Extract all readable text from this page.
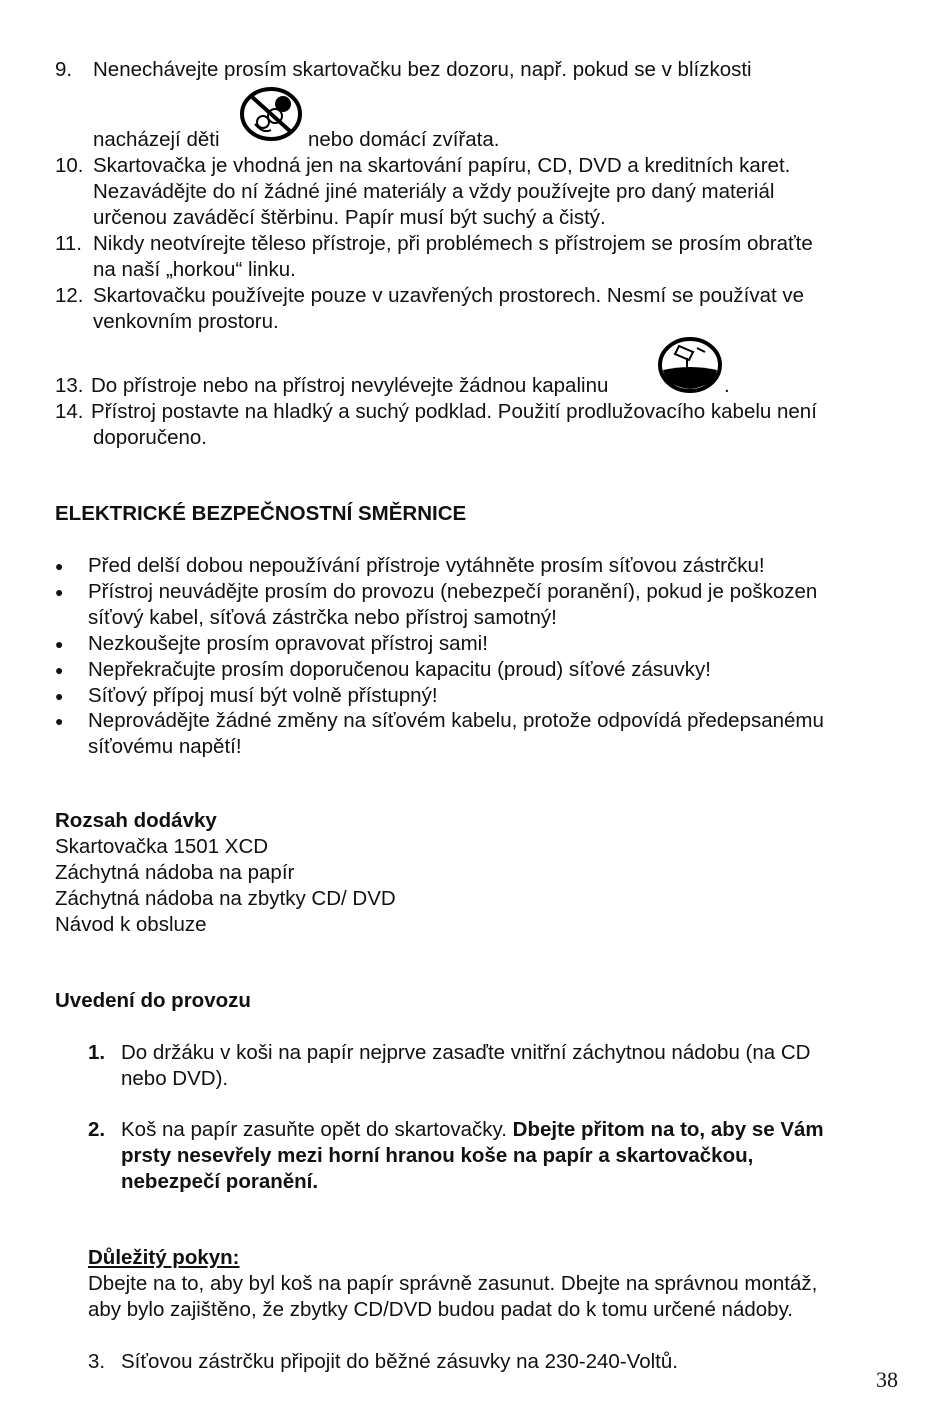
9. Nenechávejte prosím skartovačku bez dozoru, např. pokud se v blízkosti
nacházejí děti	nebo domácí zvířata.
10. Skartovačka je vhodná jen na skartování papíru, CD, DVD a kreditních karet.
Nezavádějte do ní žádné jiné materiály a vždy používejte pro daný materiál
určenou zaváděcí štěrbinu. Papír musí být suchý a čistý.
11. Nikdy neotvírejte těleso přístroje, při problémech s přístrojem se prosím obraťte
na naší „horkou“ linku.
12. Skartovačku používejte pouze v uzavřených prostorech. Nesmí se používat ve
venkovním prostoru.
13. Do přístroje nebo na přístroj nevylévejte žádnou kapalinu	.
14. Přístroj postavte na hladký a suchý podklad. Použití prodlužovacího kabelu není
doporučeno.
ELEKTRICKÉ BEZPEČNOSTNÍ SMĚRNICE
● Před delší dobou nepoužívání přístroje vytáhněte prosím síťovou zástrčku!
● Přístroj neuvádějte prosím do provozu (nebezpečí poranění), pokud je poškozen
síťový kabel, síťová zástrčka nebo přístroj samotný!
● Nezkoušejte prosím opravovat přístroj sami!
● Nepřekračujte prosím doporučenou kapacitu (proud) síťové zásuvky!
● Síťový přípoj musí být volně přístupný!
● Neprovádějte žádné změny na síťovém kabelu, protože odpovídá předepsanému
síťovému napětí!
Rozsah dodávky
Skartovačka 1501 XCD
Záchytná nádoba na papír
Záchytná nádoba na zbytky CD/ DVD
Návod k obsluze
Uvedení do provozu
1. Do držáku v koši na papír nejprve zasaďte vnitřní záchytnou nádobu (na CD
nebo DVD).
2. Koš na papír zasuňte opět do skartovačky. Dbejte přitom na to, aby se Vám
prsty nesevřely mezi horní hranou koše na papír a skartovačkou,
nebezpečí poranění.
Důležitý pokyn:
Dbejte na to, aby byl koš na papír správně zasunut. Dbejte na správnou montáž,
aby bylo zajištěno, že zbytky CD/DVD budou padat do k tomu určené nádoby.
3. Síťovou zástrčku připojit do běžné zásuvky na 230-240-Voltů.
38
